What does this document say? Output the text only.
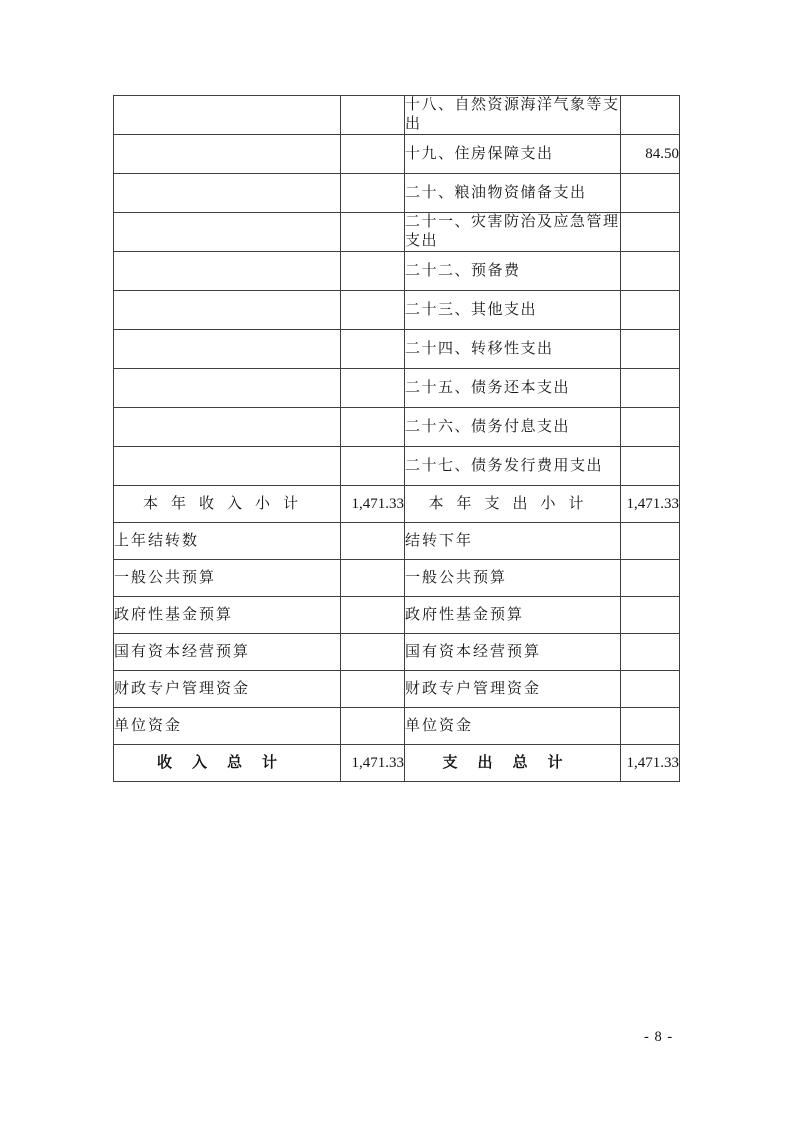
		十八、自然资源海洋气象等支出	
		十九、住房保障支出	84.50
		二十、粮油物资储备支出	
		二十一、灾害防治及应急管理支出	
		二十二、预备费	
		二十三、其他支出	
		二十四、转移性支出	
		二十五、债务还本支出	
		二十六、债务付息支出	
		二十七、债务发行费用支出	
本年收入小计	1,471.33	本年支出小计	1,471.33
上年结转数		结转下年	
一般公共预算		一般公共预算	
政府性基金预算		政府性基金预算	
国有资本经营预算		国有资本经营预算	
财政专户管理资金		财政专户管理资金	
单位资金		单位资金	
收入总计	1,471.33	支出总计	1,471.33
- 8 -
